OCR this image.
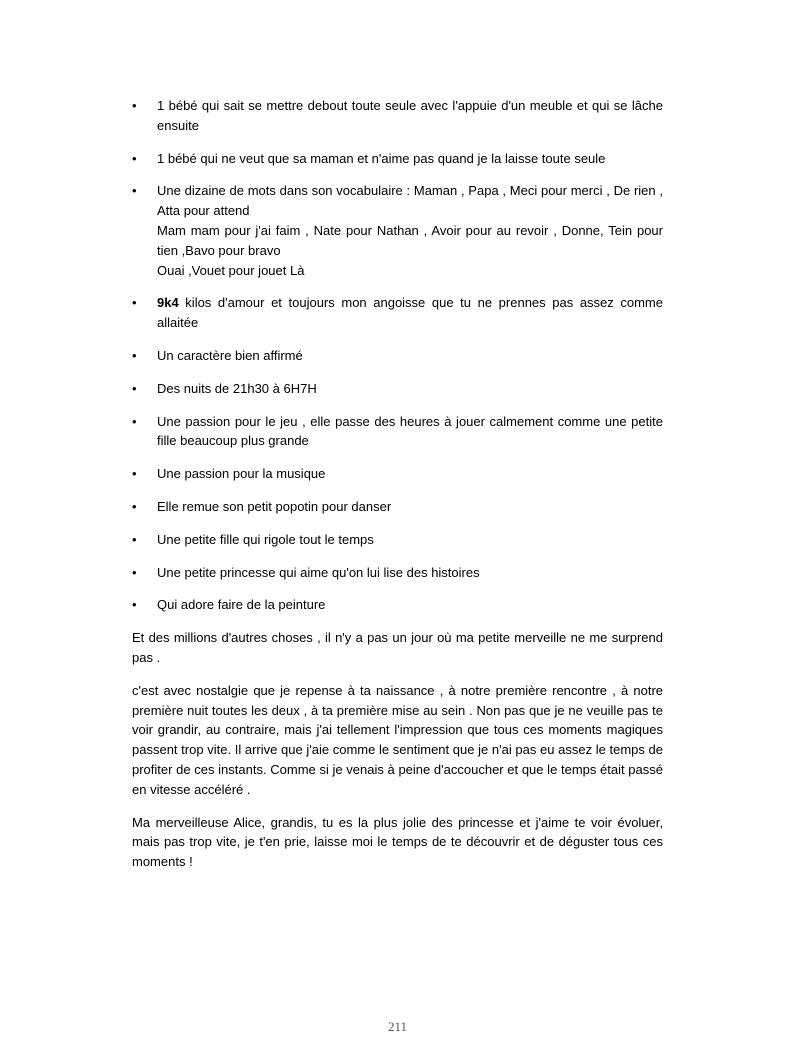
• 1 bébé qui sait se mettre debout toute seule avec l'appuie d'un meuble et qui se lâche ensuite
• 1 bébé qui ne veut que sa maman et n'aime pas quand je la laisse toute seule
• Une dizaine de mots dans son vocabulaire : Maman , Papa , Meci pour merci , De rien , Atta pour attend
Mam mam pour j'ai faim , Nate pour Nathan , Avoir pour au revoir , Donne, Tein pour tien ,Bavo pour bravo
Ouai ,Vouet pour jouet Là
• 9k4 kilos d'amour et toujours mon angoisse que tu ne prennes pas assez comme allaitée
• Un caractère bien affirmé
• Des nuits de 21h30 à 6H7H
• Une passion pour le jeu , elle passe des heures à jouer calmement comme une petite fille beaucoup plus grande
• Une passion pour la musique
• Elle remue son petit popotin pour danser
• Une petite fille qui rigole tout le temps
• Une petite princesse qui aime qu'on lui lise des histoires
• Qui adore faire de la peinture

Et des millions d'autres choses , il n'y a pas un jour où ma petite merveille ne me surprend pas .

c'est avec nostalgie que je repense à ta naissance , à notre première rencontre , à notre première nuit toutes les deux , à ta première mise au sein . Non pas que je ne veuille pas te voir grandir, au contraire, mais j'ai tellement l'impression que tous ces moments magiques passent trop vite. Il arrive que j'aie comme le sentiment que je n'ai pas eu assez le temps de profiter de ces instants. Comme si je venais à peine d'accoucher et que le temps était passé en vitesse accéléré .

Ma merveilleuse Alice, grandis, tu es la plus jolie des princesse et j'aime te voir évoluer, mais pas trop vite, je t'en prie, laisse moi le temps de te découvrir et de déguster tous ces moments !

211
